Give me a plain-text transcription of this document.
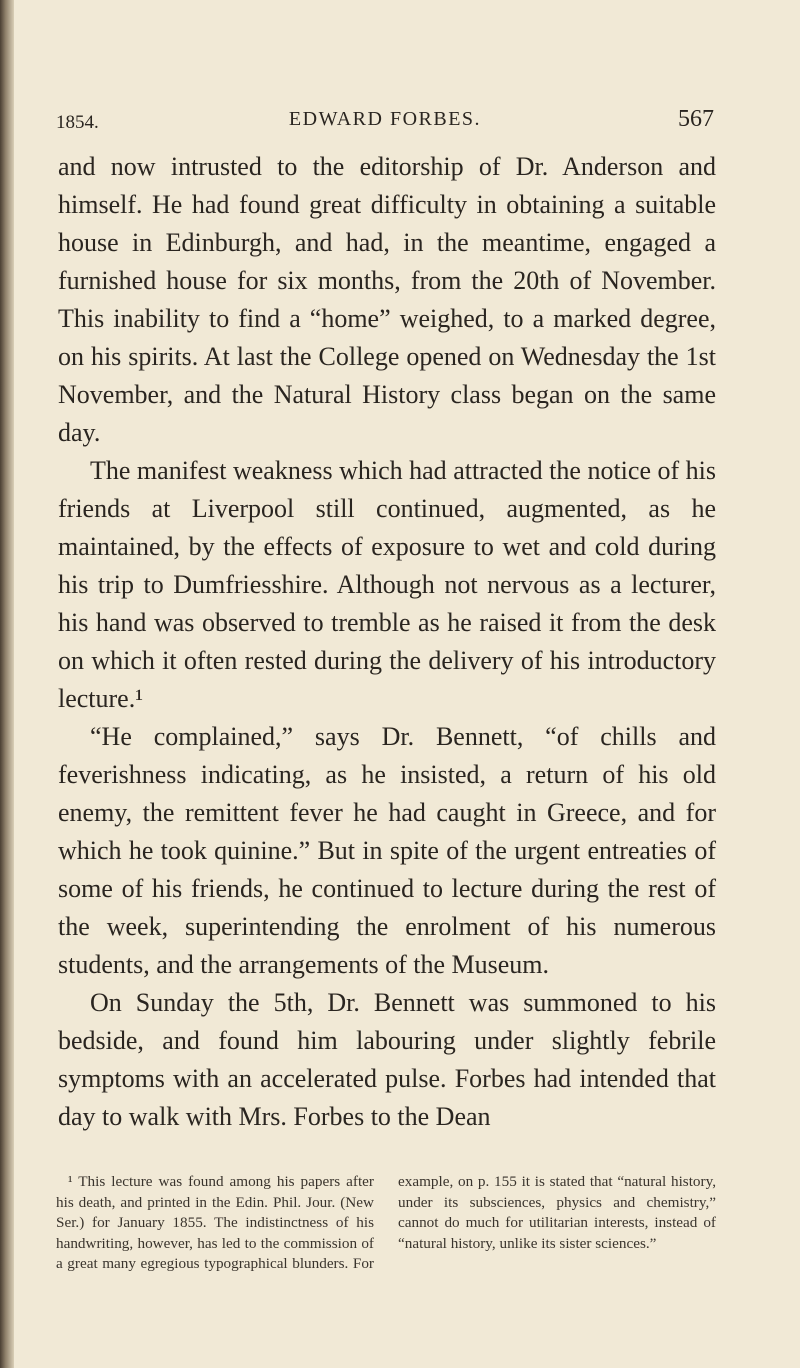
1854.	EDWARD FORBES.	567

and now intrusted to the editorship of Dr. Anderson and himself. He had found great difficulty in obtaining a suitable house in Edinburgh, and had, in the meantime, engaged a furnished house for six months, from the 20th of November. This inability to find a “home” weighed, to a marked degree, on his spirits. At last the College opened on Wednesday the 1st November, and the Natural History class began on the same day.

The manifest weakness which had attracted the notice of his friends at Liverpool still continued, augmented, as he maintained, by the effects of exposure to wet and cold during his trip to Dumfriesshire. Although not nervous as a lecturer, his hand was observed to tremble as he raised it from the desk on which it often rested during the delivery of his introductory lecture.¹

“He complained,” says Dr. Bennett, “of chills and feverishness indicating, as he insisted, a return of his old enemy, the remittent fever he had caught in Greece, and for which he took quinine.” But in spite of the urgent entreaties of some of his friends, he continued to lecture during the rest of the week, superintending the enrolment of his numerous students, and the arrangements of the Museum.

On Sunday the 5th, Dr. Bennett was summoned to his bedside, and found him labouring under slightly febrile symptoms with an accelerated pulse. Forbes had intended that day to walk with Mrs. Forbes to the Dean

¹ This lecture was found among his papers after his death, and printed in the Edin. Phil. Jour. (New Ser.) for January 1855. The indistinctness of his handwriting, however, has led to the commission of a great many egregious typographical blunders. For example, on p. 155 it is stated that “natural history, under its subsciences, physics and chemistry,” cannot do much for utilitarian interests, instead of “natural history, unlike its sister sciences.”
